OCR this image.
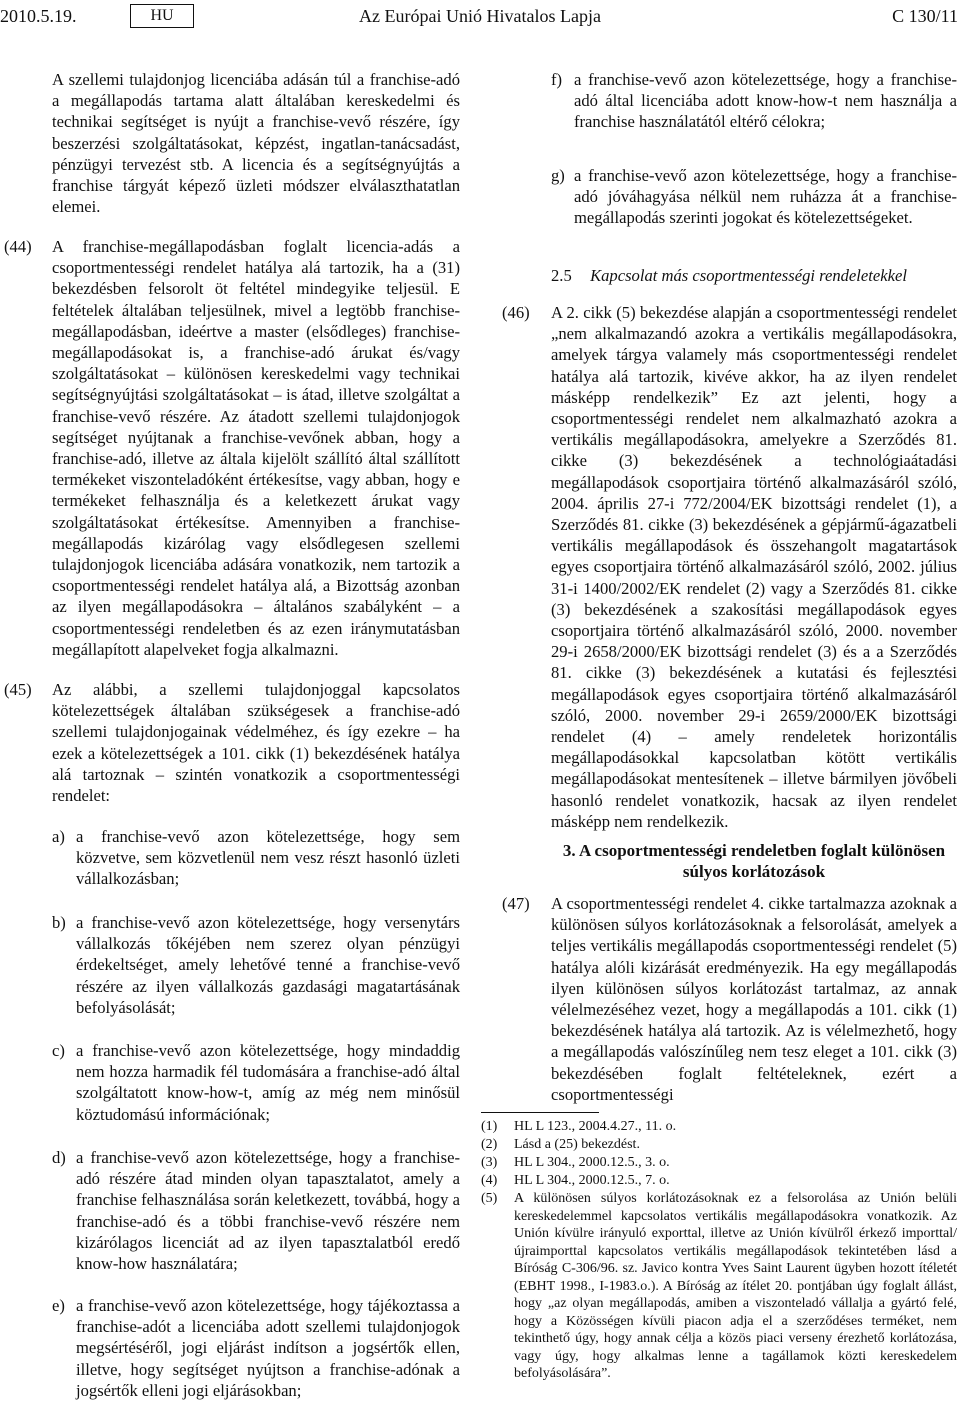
2010.5.19.	HU	Az Európai Unió Hivatalos Lapja	C 130/11

A szellemi tulajdonjog licenciába adásán túl a franchise-adó a megállapodás tartama alatt általában kereskedelmi és technikai segítséget is nyújt a franchise-vevő részére, így beszerzési szolgáltatásokat, képzést, ingatlan-tanácsadást, pénzügyi tervezést stb. A licencia és a segítségnyújtás a franchise tárgyát képező üzleti módszer elválaszthatatlan elemei.

(44) A franchise-megállapodásban foglalt licencia-adás a csoportmentességi rendelet hatálya alá tartozik, ha a (31) bekezdésben felsorolt öt feltétel mindegyike teljesül. E feltételek általában teljesülnek, mivel a legtöbb franchise-megállapodásban, ideértve a master (elsődleges) franchise-megállapodásokat is, a franchise-adó árukat és/vagy szolgáltatásokat – különösen kereskedelmi vagy technikai segítségnyújtási szolgáltatásokat – is átad, illetve szolgáltat a franchise-vevő részére. Az átadott szellemi tulajdonjogok segítséget nyújtanak a franchise-vevőnek abban, hogy a franchise-adó, illetve az általa kijelölt szállító által szállított termékeket viszonteladóként értékesítse, vagy abban, hogy e termékeket felhasználja és a keletkezett árukat vagy szolgáltatásokat értékesítse. Amennyiben a franchise-megállapodás kizárólag vagy elsődlegesen szellemi tulajdonjogok licenciába adására vonatkozik, nem tartozik a csoportmentességi rendelet hatálya alá, a Bizottság azonban az ilyen megállapodásokra – általános szabályként – a csoportmentességi rendeletben és az ezen iránymutatásban megállapított alapelveket fogja alkalmazni.

(45) Az alábbi, a szellemi tulajdonjoggal kapcsolatos kötelezettségek általában szükségesek a franchise-adó szellemi tulajdonjogainak védelméhez, és így ezekre – ha ezek a kötelezettségek a 101. cikk (1) bekezdésének hatálya alá tartoznak – szintén vonatkozik a csoportmentességi rendelet:

a) a franchise-vevő azon kötelezettsége, hogy sem közvetve, sem közvetlenül nem vesz részt hasonló üzleti vállalkozásban;

b) a franchise-vevő azon kötelezettsége, hogy versenytárs vállalkozás tőkéjében nem szerez olyan pénzügyi érdekeltséget, amely lehetővé tenné a franchise-vevő részére az ilyen vállalkozás gazdasági magatartásának befolyásolását;

c) a franchise-vevő azon kötelezettsége, hogy mindaddig nem hozza harmadik fél tudomására a franchise-adó által szolgáltatott know-how-t, amíg az még nem minősül köztudomású információnak;

d) a franchise-vevő azon kötelezettsége, hogy a franchise-adó részére átad minden olyan tapasztalatot, amely a franchise felhasználása során keletkezett, továbbá, hogy a franchise-adó és a többi franchise-vevő részére nem kizárólagos licenciát ad az ilyen tapasztalatból eredő know-how használatára;

e) a franchise-vevő azon kötelezettsége, hogy tájékoztassa a franchise-adót a licenciába adott szellemi tulajdonjogok megsértéséről, jogi eljárást indítson a jogsértők ellen, illetve, hogy segítséget nyújtson a franchise-adónak a jogsértők elleni jogi eljárásokban;

f) a franchise-vevő azon kötelezettsége, hogy a franchise-adó által licenciába adott know-how-t nem használja a franchise használatától eltérő célokra;

g) a franchise-vevő azon kötelezettsége, hogy a franchise-adó jóváhagyása nélkül nem ruházza át a franchise-megállapodás szerinti jogokat és kötelezettségeket.

2.5 Kapcsolat más csoportmentességi rendeletekkel
(46) A 2. cikk (5) bekezdése alapján a csoportmentességi rendelet „nem alkalmazandó azokra a vertikális megállapodásokra, amelyek tárgya valamely más csoportmentességi rendelet hatálya alá tartozik, kivéve akkor, ha az ilyen rendelet másképp rendelkezik” Ez azt jelenti, hogy a csoportmentességi rendelet nem alkalmazható azokra a vertikális megállapodásokra, amelyekre a Szerződés 81. cikke (3) bekezdésének a technológiaátadási megállapodások csoportjaira történő alkalmazásáról szóló, 2004. április 27-i 772/2004/EK bizottsági rendelet (1), a Szerződés 81. cikke (3) bekezdésének a gépjármű-ágazatbeli vertikális megállapodások és összehangolt magatartások egyes csoportjaira történő alkalmazásáról szóló, 2002. július 31-i 1400/2002/EK rendelet (2) vagy a Szerződés 81. cikke (3) bekezdésének a szakosítási megállapodások egyes csoportjaira történő alkalmazásáról szóló, 2000. november 29-i 2658/2000/EK bizottsági rendelet (3) és a a Szerződés 81. cikke (3) bekezdésének a kutatási és fejlesztési megállapodások egyes csoportjaira történő alkalmazásáról szóló, 2000. november 29-i 2659/2000/EK bizottsági rendelet (4) – amely rendeletek horizontális megállapodásokkal kapcsolatban kötött vertikális megállapodásokat mentesítenek – illetve bármilyen jövőbeli hasonló rendelet vonatkozik, hacsak az ilyen rendelet másképp nem rendelkezik.

3. A csoportmentességi rendeletben foglalt különösen súlyos korlátozások
(47) A csoportmentességi rendelet 4. cikke tartalmazza azoknak a különösen súlyos korlátozásoknak a felsorolását, amelyek a teljes vertikális megállapodás csoportmentességi rendelet (5) hatálya alóli kizárását eredményezik. Ha egy megállapodás ilyen különösen súlyos korlátozást tartalmaz, az annak vélelmezéséhez vezet, hogy a megállapodás a 101. cikk (1) bekezdésének hatálya alá tartozik. Az is vélelmezhető, hogy a megállapodás valószínűleg nem tesz eleget a 101. cikk (3) bekezdésében foglalt feltételeknek, ezért a csoportmentességi

(1) HL L 123., 2004.4.27., 11. o.
(2) Lásd a (25) bekezdést.
(3) HL L 304., 2000.12.5., 3. o.
(4) HL L 304., 2000.12.5., 7. o.
(5) A különösen súlyos korlátozásoknak ez a felsorolása az Unión belüli kereskedelemmel kapcsolatos vertikális megállapodásokra vonatkozik. Az Unión kívülre irányuló exporttal, illetve az Unión kívülről érkező importtal/újraimporttal kapcsolatos vertikális megállapodások tekintetében lásd a Bíróság C-306/96. sz. Javico kontra Yves Saint Laurent ügyben hozott ítéletét (EBHT 1998., I-1983.o.). A Bíróság az ítélet 20. pontjában úgy foglalt állást, hogy „az olyan megállapodás, amiben a viszonteladó vállalja a gyártó felé, hogy a Közösségen kívüli piacon adja el a szerződéses terméket, nem tekinthető úgy, hogy annak célja a közös piaci verseny érezhető korlátozása, vagy úgy, hogy alkalmas lenne a tagállamok közti kereskedelem befolyásolására”.
